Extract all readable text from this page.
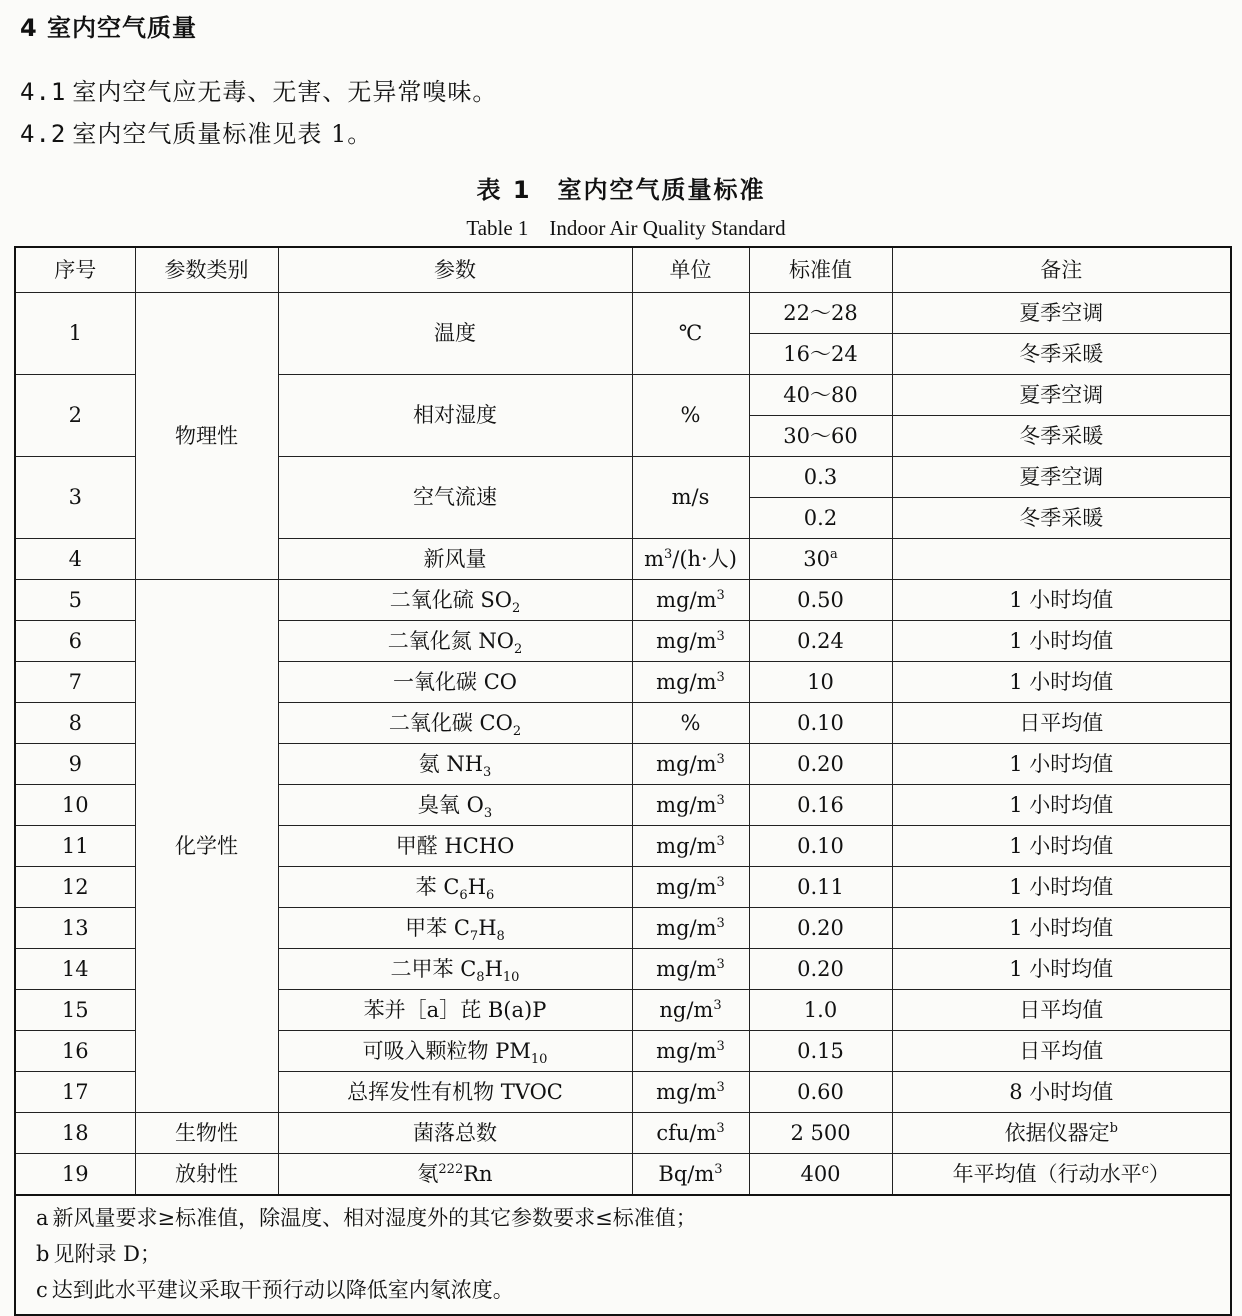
4 室内空气质量
4.1 室内空气应无毒、无害、无异常嗅味。
4.2 室内空气质量标准见表 1。
表 1　室内空气质量标准
Table 1　Indoor Air Quality Standard
序号	参数类别	参数	单位	标准值	备注
1	物理性	温度	℃	22～28	夏季空调
				16～24	冬季采暖
2		相对湿度	%	40～80	夏季空调
				30～60	冬季采暖
3		空气流速	m/s	0.3	夏季空调
				0.2	冬季采暖
4		新风量	$m^3/(h\cdot$人)	30$^a$	
5	化学性	二氧化硫 $SO_2$	$mg/m^3$	0.50	1 小时均值
6		二氧化氮 $NO_2$	$mg/m^3$	0.24	1 小时均值
7		一氧化碳 CO	$mg/m^3$	10	1 小时均值
8		二氧化碳 $CO_2$	%	0.10	日平均值
9		氨 $NH_3$	$mg/m^3$	0.20	1 小时均值
10		臭氧 $O_3$	$mg/m^3$	0.16	1 小时均值
11		甲醛 HCHO	$mg/m^3$	0.10	1 小时均值
12		苯 $C_6H_6$	$mg/m^3$	0.11	1 小时均值
13		甲苯 $C_7H_8$	$mg/m^3$	0.20	1 小时均值
14		二甲苯 $C_8H_{10}$	$mg/m^3$	0.20	1 小时均值
15		苯并［a］芘 B(a)P	$ng/m^3$	1.0	日平均值
16		可吸入颗粒物 $PM_{10}$	$mg/m^3$	0.15	日平均值
17		总挥发性有机物 TVOC	$mg/m^3$	0.60	8 小时均值
18	生物性	菌落总数	cfu/$m^3$	2 500	依据仪器定$^b$
19	放射性	氡$^{222}$Rn	$Bq/m^3$	400	年平均值（行动水平$^c$）

a 新风量要求≥标准值，除温度、相对湿度外的其它参数要求≤标准值；
b 见附录 D；
c 达到此水平建议采取干预行动以降低室内氡浓度。					
